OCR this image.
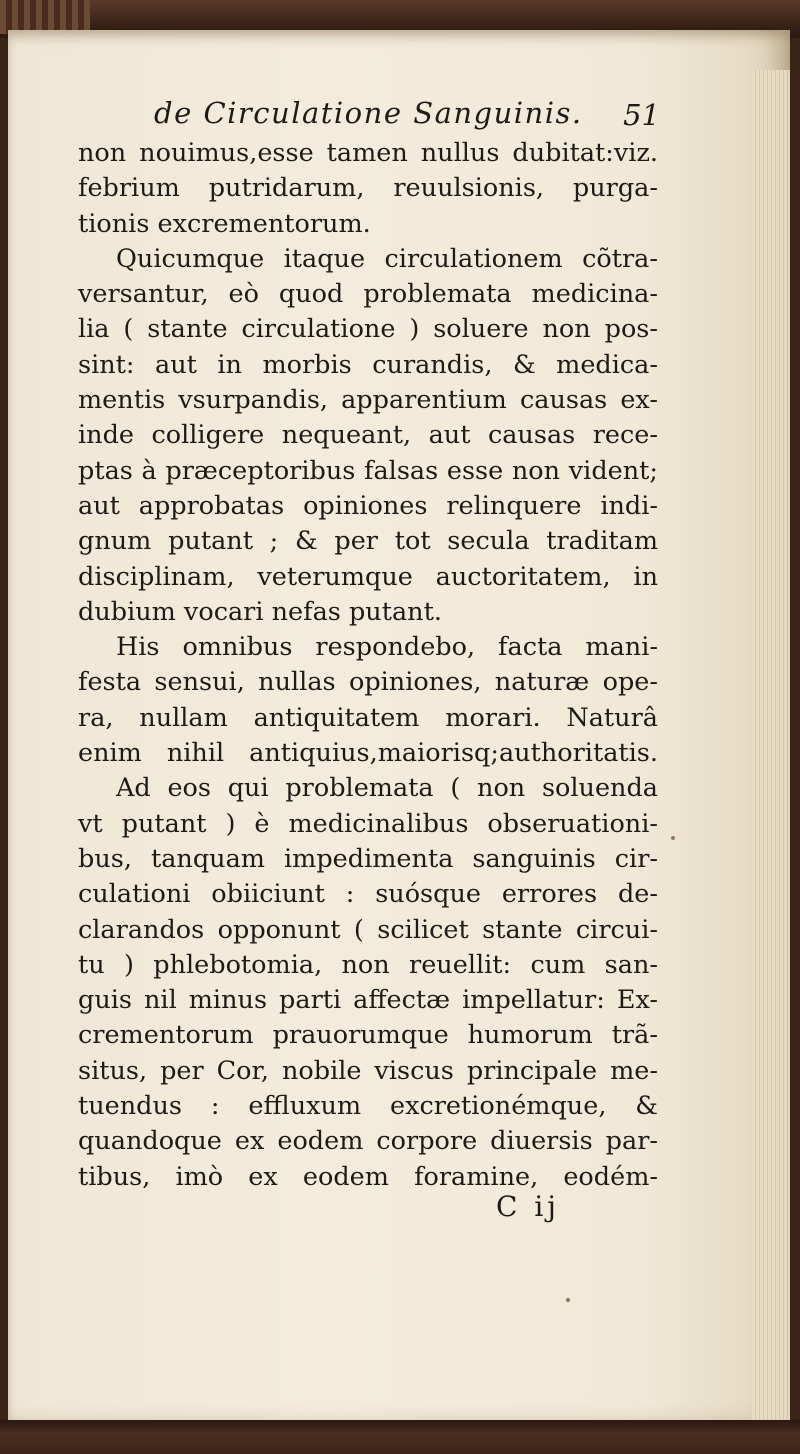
de Circulatione Sanguinis. 51
non nouimus,esse tamen nullus dubitat:viz.
febrium putridarum, reuulsionis, purga-
tionis excrementorum.
Quicumque itaque circulationem cõtra-
versantur, eò quod problemata medicina-
lia ( stante circulatione ) soluere non pos-
sint: aut in morbis curandis, & medica-
mentis vsurpandis, apparentium causas ex-
inde colligere nequeant, aut causas rece-
ptas à præceptoribus falsas esse non vident;
aut approbatas opiniones relinquere indi-
gnum putant ; & per tot secula traditam
disciplinam, veterumque auctoritatem, in
dubium vocari nefas putant.
His omnibus respondebo, facta mani-
festa sensui, nullas opiniones, naturæ ope-
ra, nullam antiquitatem morari. Naturâ
enim nihil antiquius,maiorisq;authoritatis.
Ad eos qui problemata ( non soluenda
vt putant ) è medicinalibus obseruationi-
bus, tanquam impedimenta sanguinis cir-
culationi obiiciunt : suósque errores de-
clarandos opponunt ( scilicet stante circui-
tu ) phlebotomia, non reuellit: cum san-
guis nil minus parti affectæ impellatur: Ex-
crementorum prauorumque humorum trã-
situs, per Cor, nobile viscus principale me-
tuendus : effluxum excretionémque, &
quandoque ex eodem corpore diuersis par-
tibus, imò ex eodem foramine, eodém-
C ij
